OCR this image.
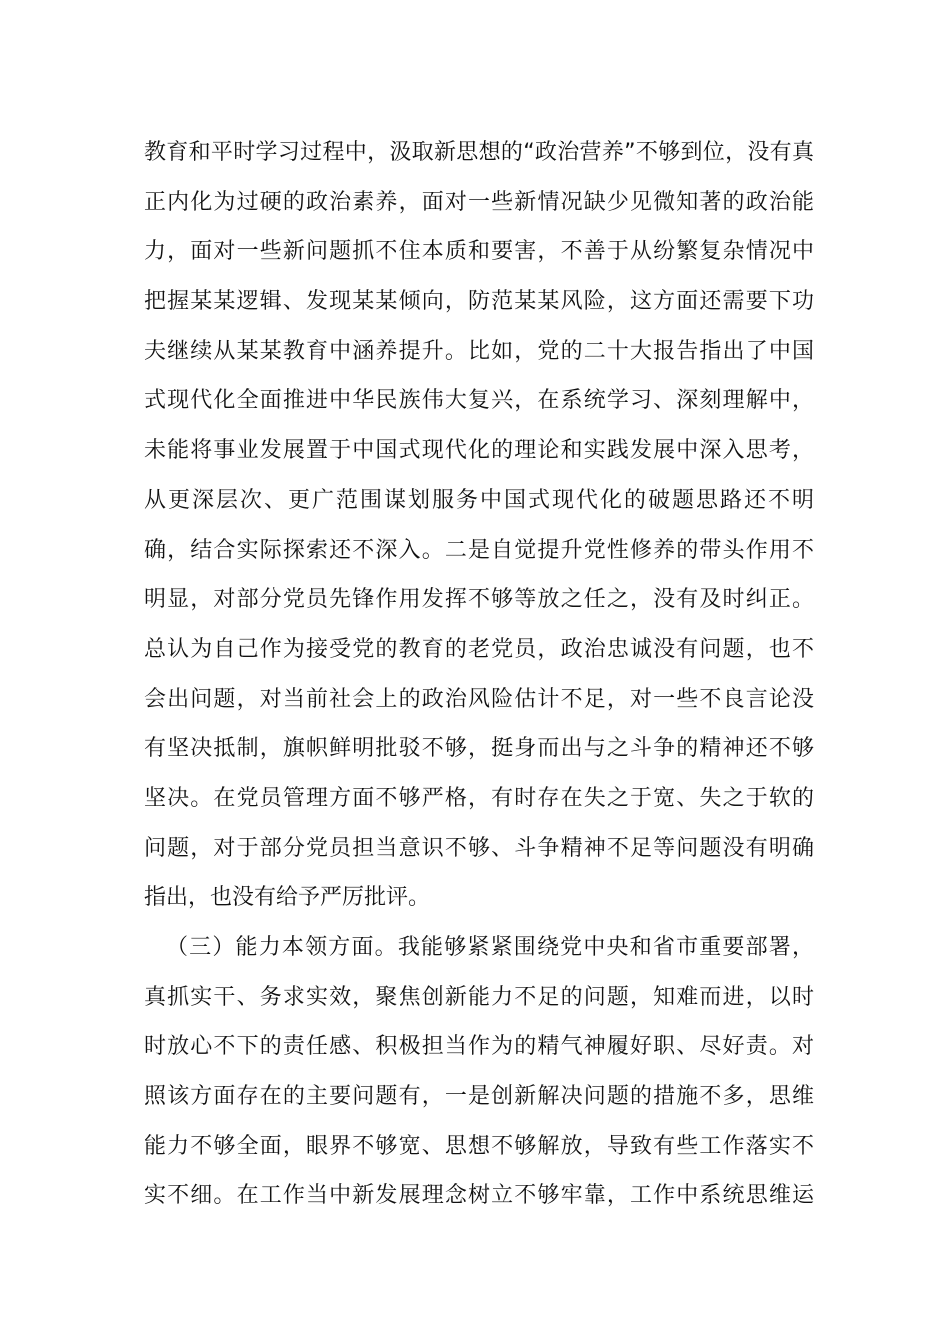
教育和平时学习过程中，汲取新思想的“政治营养”不够到位，没有真
正内化为过硬的政治素养，面对一些新情况缺少见微知著的政治能
力，面对一些新问题抓不住本质和要害，不善于从纷繁复杂情况中
把握某某逻辑、发现某某倾向，防范某某风险，这方面还需要下功
夫继续从某某教育中涵养提升。比如，党的二十大报告指出了中国
式现代化全面推进中华民族伟大复兴，在系统学习、深刻理解中，
未能将事业发展置于中国式现代化的理论和实践发展中深入思考，
从更深层次、更广范围谋划服务中国式现代化的破题思路还不明
确，结合实际探索还不深入。二是自觉提升党性修养的带头作用不
明显，对部分党员先锋作用发挥不够等放之任之，没有及时纠正。
总认为自己作为接受党的教育的老党员，政治忠诚没有问题，也不
会出问题，对当前社会上的政治风险估计不足，对一些不良言论没
有坚决抵制，旗帜鲜明批驳不够，挺身而出与之斗争的精神还不够
坚决。在党员管理方面不够严格，有时存在失之于宽、失之于软的
问题，对于部分党员担当意识不够、斗争精神不足等问题没有明确
指出，也没有给予严厉批评。
（三）能力本领方面。我能够紧紧围绕党中央和省市重要部署，
真抓实干、务求实效，聚焦创新能力不足的问题，知难而进，以时
时放心不下的责任感、积极担当作为的精气神履好职、尽好责。对
照该方面存在的主要问题有，一是创新解决问题的措施不多，思维
能力不够全面，眼界不够宽、思想不够解放，导致有些工作落实不
实不细。在工作当中新发展理念树立不够牢靠，工作中系统思维运
